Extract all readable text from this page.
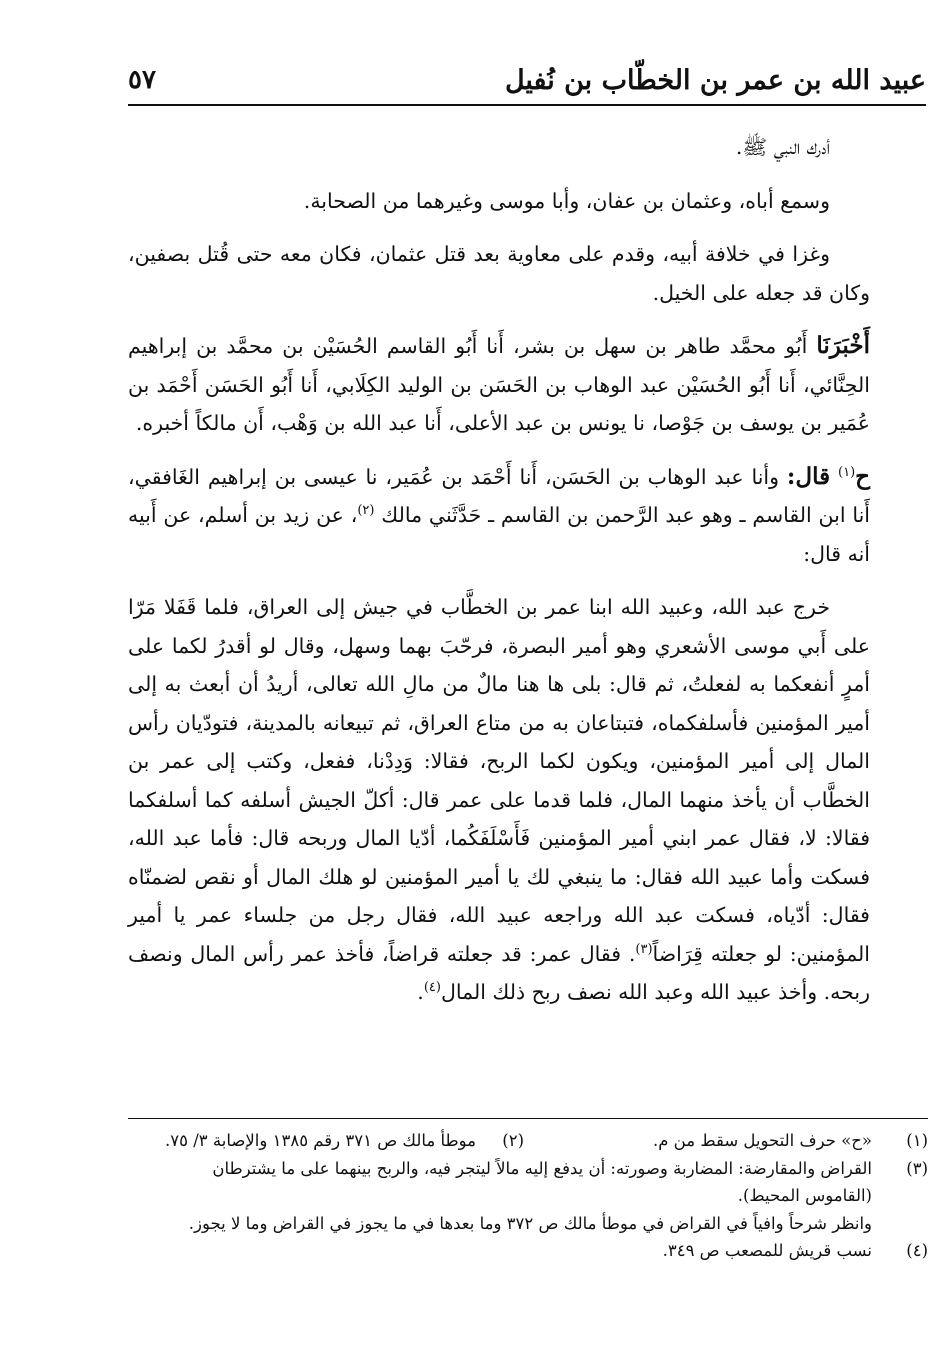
عبيد الله بن عمر بن الخطّاب بن نُفيل
٥٧

أدرك النبي ﷺ.

وسمع أباه، وعثمان بن عفان، وأبا موسى وغيرهما من الصحابة.

وغزا في خلافة أبيه، وقدم على معاوية بعد قتل عثمان، فكان معه حتى قُتل بصفين، وكان قد جعله على الخيل.

أَخْبَرَنَا أَبُو محمَّد طاهر بن سهل بن بشر، أَنا أَبُو القاسم الحُسَيْن بن محمَّد بن إبراهيم الحِنَّائي، أَنا أَبُو الحُسَيْن عبد الوهاب بن الحَسَن بن الوليد الكِلَابي، أَنا أَبُو الحَسَن أَحْمَد بن عُمَير بن يوسف بن جَوْصا، نا يونس بن عبد الأعلى، أَنا عبد الله بن وَهْب، أَن مالكاً أخبره.

ح$^{(١)}$ قال: وأنا عبد الوهاب بن الحَسَن، أَنا أَحْمَد بن عُمَير، نا عيسى بن إبراهيم الغَافقي، أَنا ابن القاسم ـ وهو عبد الرَّحمن بن القاسم ـ حَدَّثَني مالك $^{(٢)}$، عن زيد بن أسلم، عن أَبيه أنه قال:

خرج عبد الله، وعبيد الله ابنا عمر بن الخطَّاب في جيش إلى العراق، فلما قَفَلا مَرّا على أَبي موسى الأشعري وهو أمير البصرة، فرحّبَ بهما وسهل، وقال لو أقدرُ لكما على أمرٍ أنفعكما به لفعلتُ، ثم قال: بلى ها هنا مالٌ من مالِ الله تعالى، أريدُ أن أبعث به إلى أمير المؤمنين فأسلفكماه، فتبتاعان به من متاع العراق، ثم تبيعانه بالمدينة، فتودّيان رأس المال إلى أمير المؤمنين، ويكون لكما الربح، فقالا: وَدِدْنا، ففعل، وكتب إلى عمر بن الخطَّاب أن يأخذ منهما المال، فلما قدما على عمر قال: أكلّ الجيش أسلفه كما أسلفكما فقالا: لا، فقال عمر ابني أمير المؤمنين فَأَسْلَفَكُما، أدّيا المال وربحه قال: فأما عبد الله، فسكت وأما عبيد الله فقال: ما ينبغي لك يا أمير المؤمنين لو هلك المال أو نقص لضمنّاه فقال: أدّياه، فسكت عبد الله وراجعه عبيد الله، فقال رجل من جلساء عمر يا أمير المؤمنين: لو جعلته قِرَاضاً$^{(٣)}$. فقال عمر: قد جعلته قراضاً، فأخذ عمر رأس المال ونصف ربحه. وأخذ عبيد الله وعبد الله نصف ربح ذلك المال$^{(٤)}$.

(١)
«ح» حرف التحويل سقط من م.
(٢)
موطأ مالك ص ٣٧١ رقم ١٣٨٥ والإصابة ٣/ ٧٥.
(٣)
القراض والمقارضة: المضاربة وصورته: أن يدفع إليه مالاً ليتجر فيه، والربح بينهما على ما يشترطان
(القاموس المحيط).
وانظر شرحاً وافياً في القراض في موطأ مالك ص ٣٧٢ وما بعدها في ما يجوز في القراض وما لا يجوز.
(٤)
نسب قريش للمصعب ص ٣٤٩.
